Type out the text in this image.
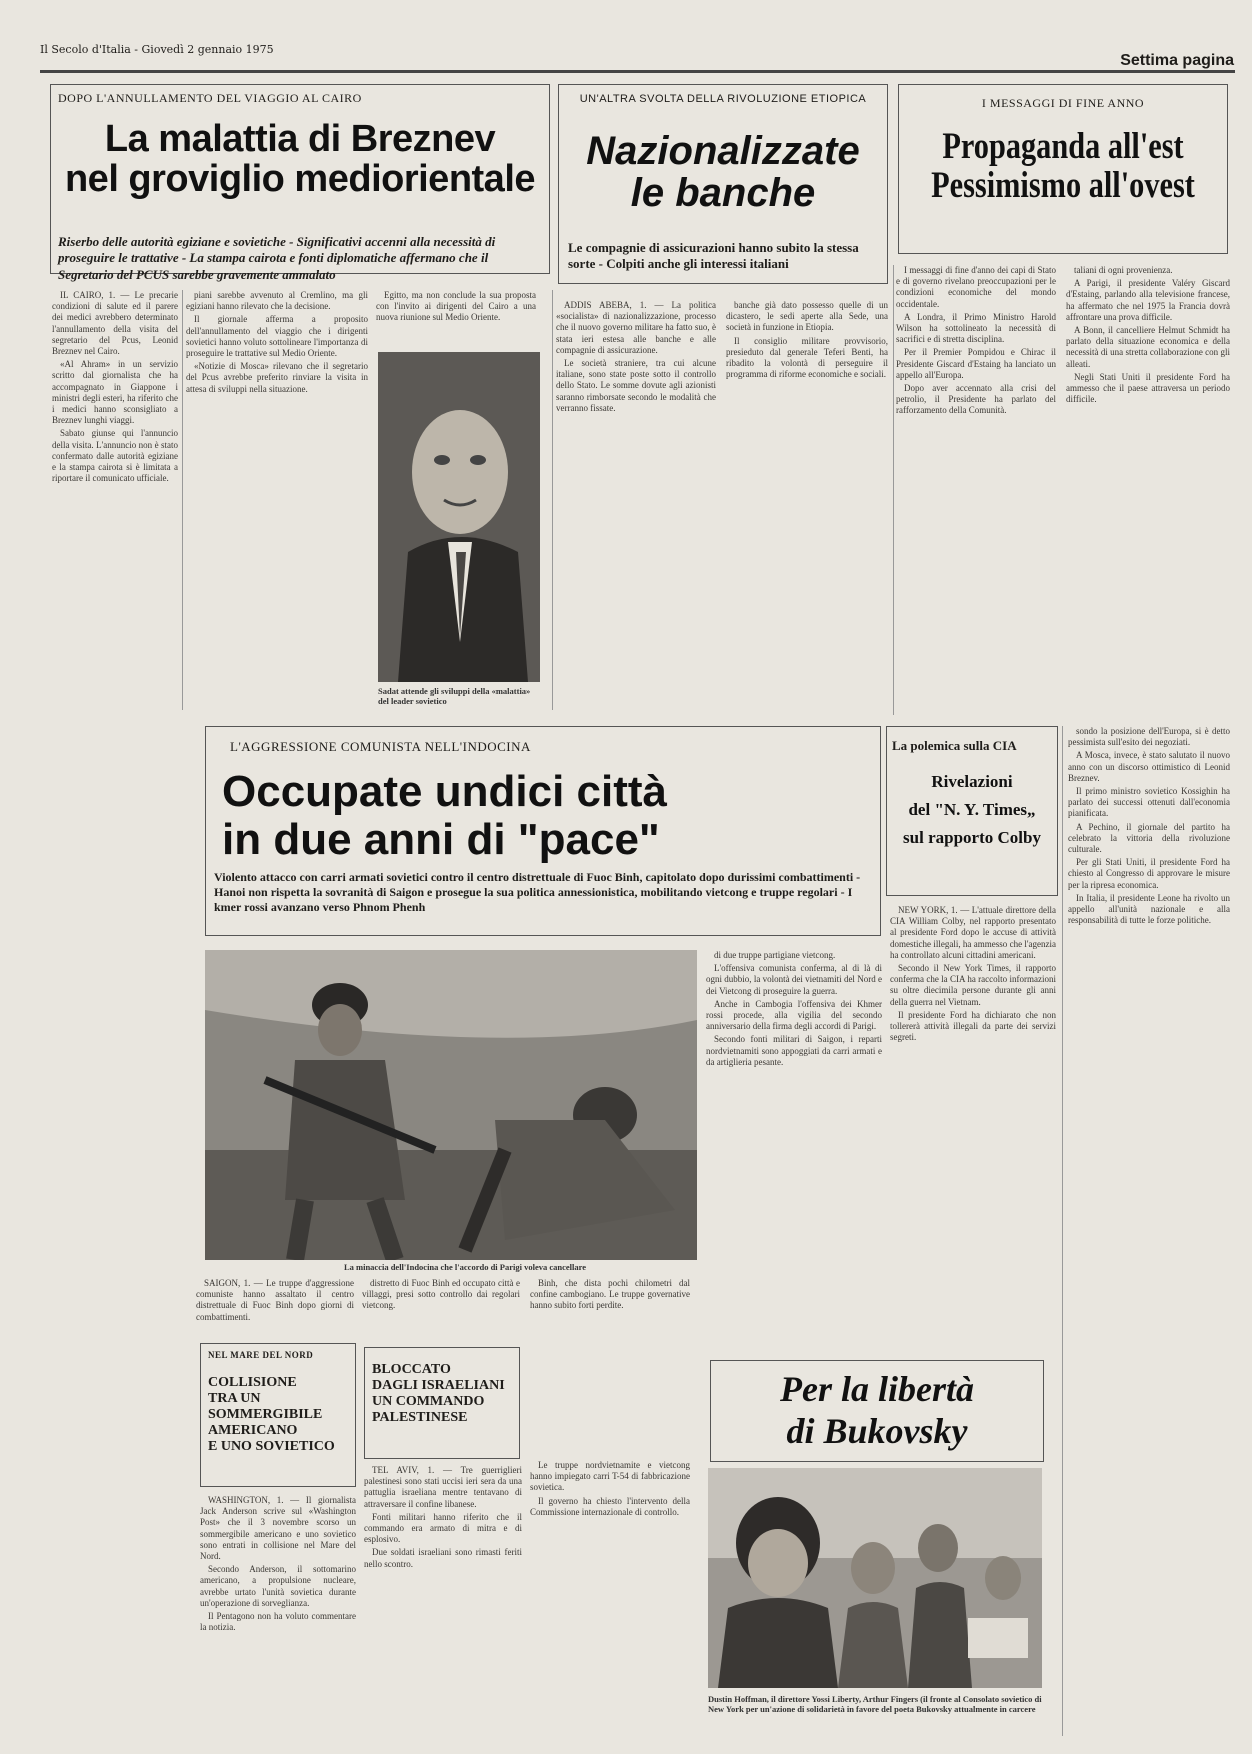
Il Secolo d'Italia - Giovedì 2 gennaio 1975
Settima pagina
DOPO L'ANNULLAMENTO DEL VIAGGIO AL CAIRO
La malattia di Breznev
nel groviglio mediorientale
Riserbo delle autorità egiziane e sovietiche - Significativi accenni alla necessità di proseguire le trattative - La stampa cairota e fonti diplomatiche affermano che il Segretario del PCUS sarebbe gravemente ammalato

IL CAIRO, 1. — Le precarie condizioni di salute ed il parere dei medici avrebbero determinato l'annullamento della visita del segretario del Pcus, Leonid Breznev nel Cairo.

«Al Ahram» in un servizio scritto dal giornalista che ha accompagnato in Giappone i ministri degli esteri, ha riferito che i medici hanno sconsigliato a Breznev lunghi viaggi.

Sabato giunse qui l'annuncio della visita. L'annuncio non è stato confermato dalle autorità egiziane e la stampa cairota si è limitata a riportare il comunicato ufficiale.

piani sarebbe avvenuto al Cremlino, ma gli egiziani hanno rilevato che la decisione.

Il giornale afferma a proposito dell'annullamento del viaggio che i dirigenti sovietici hanno voluto sottolineare l'importanza di proseguire le trattative sul Medio Oriente.

«Notizie di Mosca» rilevano che il segretario del Pcus avrebbe preferito rinviare la visita in attesa di sviluppi nella situazione.

Egitto, ma non conclude la sua proposta con l'invito ai dirigenti del Cairo a una nuova riunione sul Medio Oriente.

Sadat attende gli sviluppi della «malattia» del leader sovietico
UN'ALTRA SVOLTA DELLA RIVOLUZIONE ETIOPICA
Nazionalizzate
le banche
Le compagnie di assicurazioni hanno subito la stessa sorte - Colpiti anche gli interessi italiani

ADDIS ABEBA, 1. — La politica «socialista» di nazionalizzazione, processo che il nuovo governo militare ha fatto suo, è stata ieri estesa alle banche e alle compagnie di assicurazione.

Le società straniere, tra cui alcune italiane, sono state poste sotto il controllo dello Stato. Le somme dovute agli azionisti saranno rimborsate secondo le modalità che verranno fissate.

banche già dato possesso quelle di un dicastero, le sedi aperte alla Sede, una società in funzione in Etiopia.

Il consiglio militare provvisorio, presieduto dal generale Teferi Benti, ha ribadito la volontà di perseguire il programma di riforme economiche e sociali.

I MESSAGGI DI FINE ANNO
Propaganda all'est
Pessimismo all'ovest

I messaggi di fine d'anno dei capi di Stato e di governo rivelano preoccupazioni per le condizioni economiche del mondo occidentale.

A Londra, il Primo Ministro Harold Wilson ha sottolineato la necessità di sacrifici e di stretta disciplina.

Per il Premier Pompidou e Chirac il Presidente Giscard d'Estaing ha lanciato un appello all'Europa.

Dopo aver accennato alla crisi del petrolio, il Presidente ha parlato del rafforzamento della Comunità.

taliani di ogni provenienza.

A Parigi, il presidente Valéry Giscard d'Estaing, parlando alla televisione francese, ha affermato che nel 1975 la Francia dovrà affrontare una prova difficile.

A Bonn, il cancelliere Helmut Schmidt ha parlato della situazione economica e della necessità di una stretta collaborazione con gli alleati.

Negli Stati Uniti il presidente Ford ha ammesso che il paese attraversa un periodo difficile.

L'AGGRESSIONE COMUNISTA NELL'INDOCINA
Occupate undici città
in due anni di "pace"
Violento attacco con carri armati sovietici contro il centro distrettuale di Fuoc Binh, capitolato dopo durissimi combattimenti - Hanoi non rispetta la sovranità di Saigon e prosegue la sua politica annessionistica, mobilitando vietcong e truppe regolari - I kmer rossi avanzano verso Phnom Phenh
La minaccia dell'Indocina che l'accordo di Parigi voleva cancellare

di due truppe partigiane vietcong.

L'offensiva comunista conferma, al di là di ogni dubbio, la volontà dei vietnamiti del Nord e dei Vietcong di proseguire la guerra.

Anche in Cambogia l'offensiva dei Khmer rossi procede, alla vigilia del secondo anniversario della firma degli accordi di Parigi.

Secondo fonti militari di Saigon, i reparti nordvietnamiti sono appoggiati da carri armati e da artiglieria pesante.

SAIGON, 1. — Le truppe d'aggressione comuniste hanno assaltato il centro distrettuale di Fuoc Binh dopo giorni di combattimenti.

distretto di Fuoc Binh ed occupato città e villaggi, presi sotto controllo dai regolari vietcong.

Binh, che dista pochi chilometri dal confine cambogiano. Le truppe governative hanno subito forti perdite.

Le truppe nordvietnamite e vietcong hanno impiegato carri T-54 di fabbricazione sovietica.

Il governo ha chiesto l'intervento della Commissione internazionale di controllo.

La polemica sulla CIA
Rivelazioni
del "N. Y. Times„
sul rapporto Colby

NEW YORK, 1. — L'attuale direttore della CIA William Colby, nel rapporto presentato al presidente Ford dopo le accuse di attività domestiche illegali, ha ammesso che l'agenzia ha controllato alcuni cittadini americani.

Secondo il New York Times, il rapporto conferma che la CIA ha raccolto informazioni su oltre diecimila persone durante gli anni della guerra nel Vietnam.

Il presidente Ford ha dichiarato che non tollererà attività illegali da parte dei servizi segreti.

sondo la posizione dell'Europa, si è detto pessimista sull'esito dei negoziati.

A Mosca, invece, è stato salutato il nuovo anno con un discorso ottimistico di Leonid Breznev.

Il primo ministro sovietico Kossighin ha parlato dei successi ottenuti dall'economia pianificata.

A Pechino, il giornale del partito ha celebrato la vittoria della rivoluzione culturale.

Per gli Stati Uniti, il presidente Ford ha chiesto al Congresso di approvare le misure per la ripresa economica.

In Italia, il presidente Leone ha rivolto un appello all'unità nazionale e alla responsabilità di tutte le forze politiche.

NEL MARE DEL NORD
COLLISIONE
TRA UN
SOMMERGIBILE
AMERICANO
E UNO SOVIETICO

WASHINGTON, 1. — Il giornalista Jack Anderson scrive sul «Washington Post» che il 3 novembre scorso un sommergibile americano e uno sovietico sono entrati in collisione nel Mare del Nord.

Secondo Anderson, il sottomarino americano, a propulsione nucleare, avrebbe urtato l'unità sovietica durante un'operazione di sorveglianza.

Il Pentagono non ha voluto commentare la notizia.

BLOCCATO
DAGLI ISRAELIANI
UN COMMANDO
PALESTINESE

TEL AVIV, 1. — Tre guerriglieri palestinesi sono stati uccisi ieri sera da una pattuglia israeliana mentre tentavano di attraversare il confine libanese.

Fonti militari hanno riferito che il commando era armato di mitra e di esplosivo.

Due soldati israeliani sono rimasti feriti nello scontro.

Per la libertà
di Bukovsky
Dustin Hoffman, il direttore Yossi Liberty, Arthur Fingers (il fronte al Consolato sovietico di New York per un'azione di solidarietà in favore del poeta Bukovsky attualmente in carcere
